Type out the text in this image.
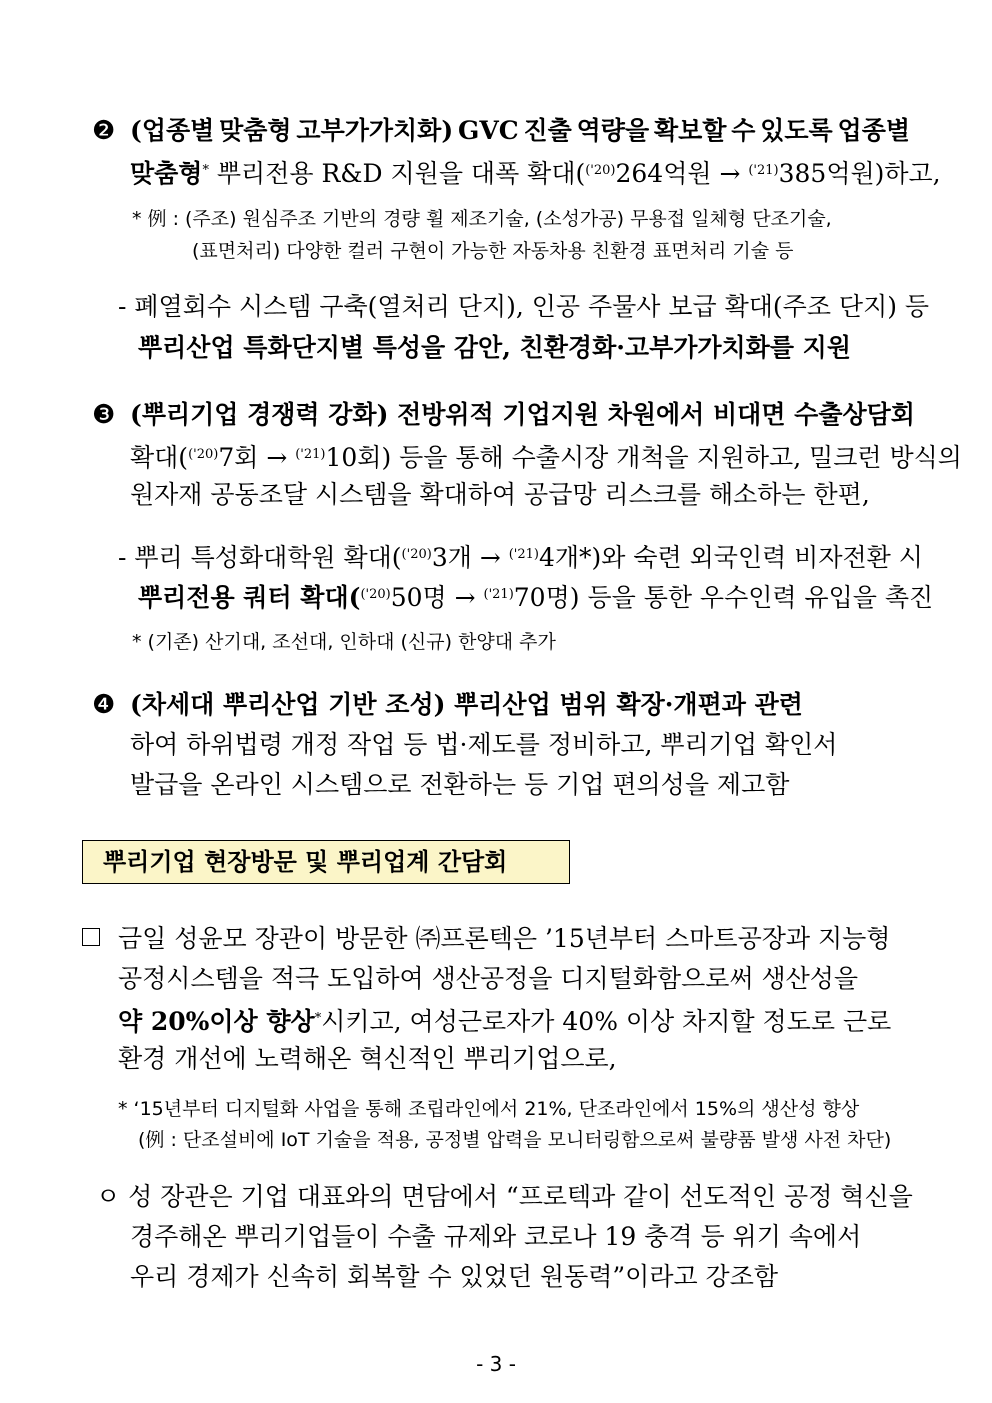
❷ (업종별 맞춤형 고부가가치화) GVC 진출 역량을 확보할 수 있도록 업종별
맞춤형* 뿌리전용 R&D 지원을 대폭 확대($^{('20)}$264억원 → $^{('21)}$385억원)하고,
* 例 : (주조) 원심주조 기반의 경량 휠 제조기술, (소성가공) 무용접 일체형 단조기술,
(표면처리) 다양한 컬러 구현이 가능한 자동차용 친환경 표면처리 기술 등
- 폐열회수 시스템 구축(열처리 단지), 인공 주물사 보급 확대(주조 단지) 등
뿌리산업 특화단지별 특성을 감안, 친환경화·고부가가치화를 지원
❸ (뿌리기업 경쟁력 강화) 전방위적 기업지원 차원에서 비대면 수출상담회
확대($^{('20)}$7회 → $^{('21)}$10회) 등을 통해 수출시장 개척을 지원하고, 밀크런 방식의
원자재 공동조달 시스템을 확대하여 공급망 리스크를 해소하는 한편,
- 뿌리 특성화대학원 확대($^{('20)}$3개 → $^{('21)}$4개*)와 숙련 외국인력 비자전환 시
뿌리전용 쿼터 확대($^{('20)}$50명 → $^{('21)}$70명) 등을 통한 우수인력 유입을 촉진
* (기존) 산기대, 조선대, 인하대 (신규) 한양대 추가
❹ (차세대 뿌리산업 기반 조성) 뿌리산업 범위 확장·개편과 관련
하여 하위법령 개정 작업 등 법·제도를 정비하고, 뿌리기업 확인서
발급을 온라인 시스템으로 전환하는 등 기업 편의성을 제고함
뿌리기업 현장방문 및 뿌리업계 간담회
금일 성윤모 장관이 방문한 ㈜프론텍은 ’15년부터 스마트공장과 지능형
공정시스템을 적극 도입하여 생산공정을 디지털화함으로써 생산성을
약 20%이상 향상*시키고, 여성근로자가 40% 이상 차지할 정도로 근로
환경 개선에 노력해온 혁신적인 뿌리기업으로,
* ‘15년부터 디지털화 사업을 통해 조립라인에서 21%, 단조라인에서 15%의 생산성 향상
(例 : 단조설비에 IoT 기술을 적용, 공정별 압력을 모니터링함으로써 불량품 발생 사전 차단)
ㅇ 성 장관은 기업 대표와의 면담에서 “프로텍과 같이 선도적인 공정 혁신을
경주해온 뿌리기업들이 수출 규제와 코로나 19 충격 등 위기 속에서
우리 경제가 신속히 회복할 수 있었던 원동력”이라고 강조함
- 3 -
